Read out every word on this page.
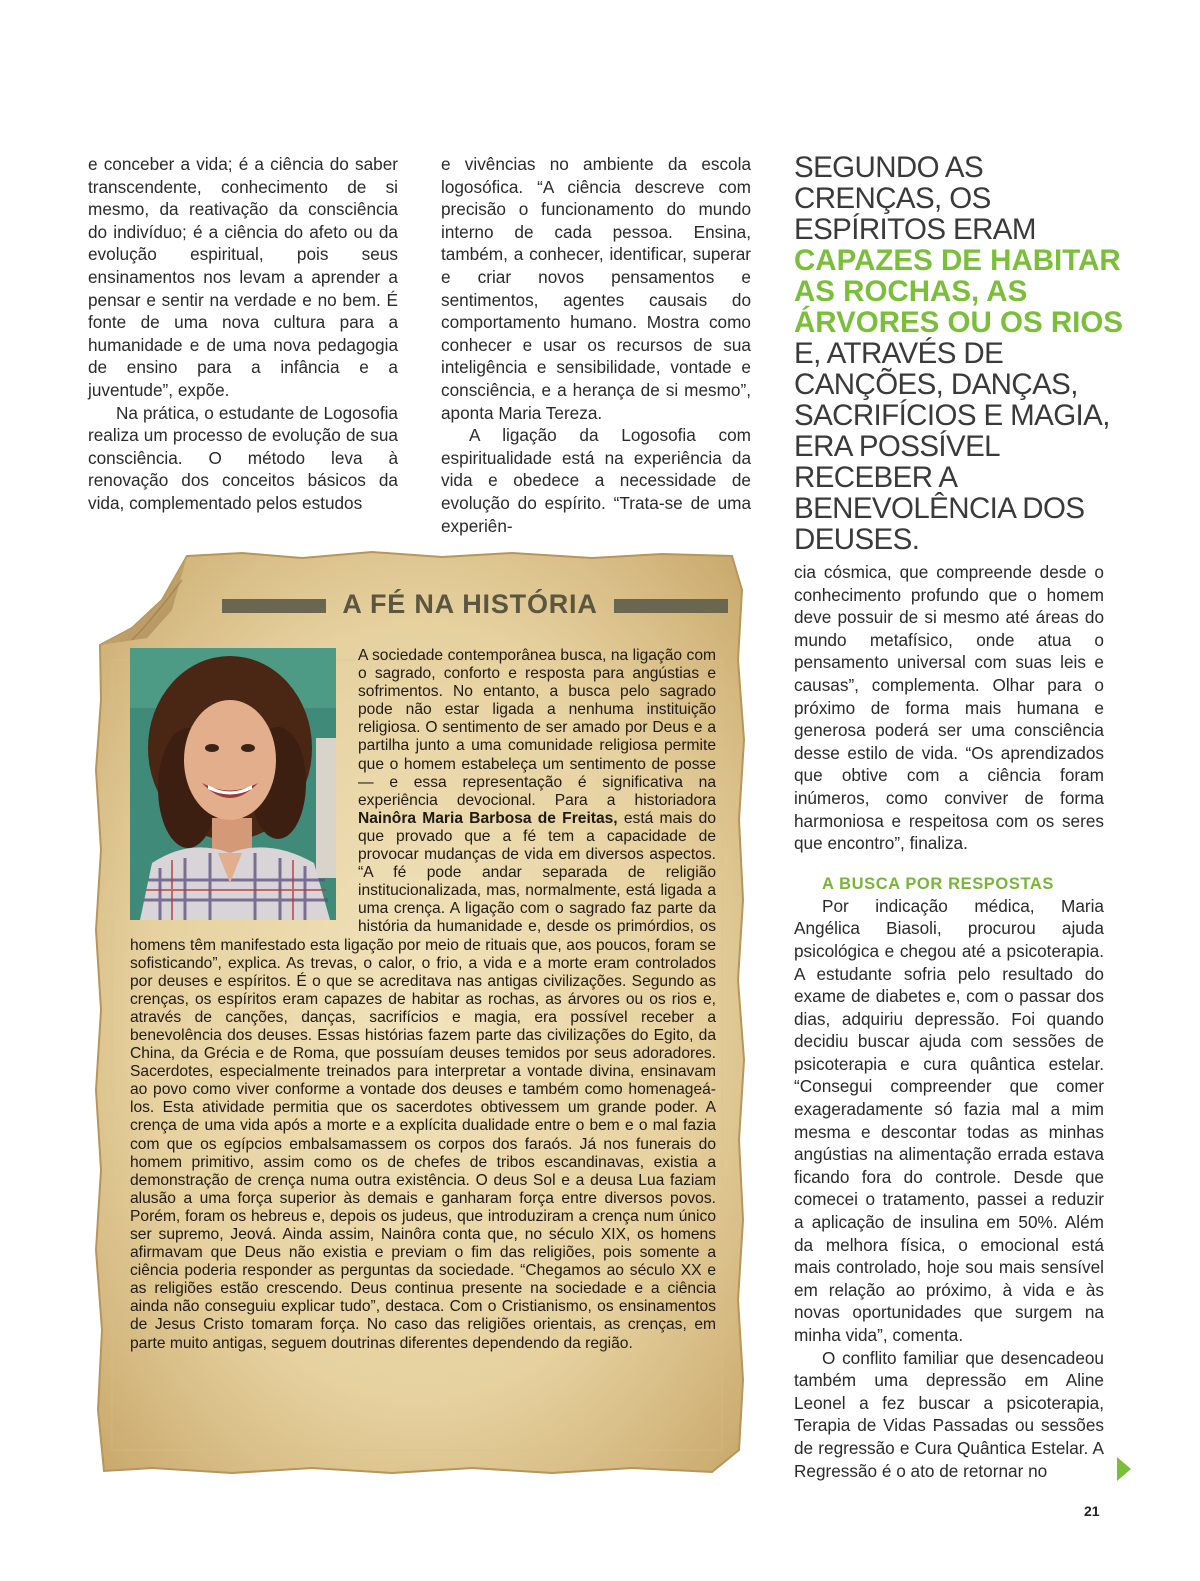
e conceber a vida; é a ciência do saber transcendente, conhecimento de si mesmo, da reativação da consciência do indivíduo; é a ciência do afeto ou da evolução espiritual, pois seus ensinamentos nos levam a aprender a pensar e sentir na verdade e no bem. É fonte de uma nova cultura para a humanidade e de uma nova pedagogia de ensino para a infância e a juventude”, expõe.

Na prática, o estudante de Logosofia realiza um processo de evolução de sua consciência. O método leva à renovação dos conceitos básicos da vida, complementado pelos estudos

e vivências no ambiente da escola logosófica. “A ciência descreve com precisão o funcionamento do mundo interno de cada pessoa. Ensina, também, a conhecer, identificar, superar e criar novos pensamentos e sentimentos, agentes causais do comportamento humano. Mostra como conhecer e usar os recursos de sua inteligência e sensibilidade, vontade e consciência, e a herança de si mesmo”, aponta Maria Tereza.

A ligação da Logosofia com espiritualidade está na experiência da vida e obedece a necessidade de evolução do espírito. “Trata-se de uma experiên-

SEGUNDO AS CRENÇAS, OS ESPÍRITOS ERAM CAPAZES DE HABITAR AS ROCHAS, AS ÁRVORES OU OS RIOS E, ATRAVÉS DE CANÇÕES, DANÇAS, SACRIFÍCIOS E MAGIA, ERA POSSÍVEL RECEBER A BENEVOLÊNCIA DOS DEUSES.
A FÉ NA HISTÓRIA
A sociedade contemporânea busca, na ligação com o sagrado, conforto e resposta para angústias e sofrimentos. No entanto, a busca pelo sagrado pode não estar ligada a nenhuma instituição religiosa. O sentimento de ser amado por Deus e a partilha junto a uma comunidade religiosa permite que o homem estabeleça um sentimento de posse — e essa representação é significativa na experiência devocional. Para a historiadora Nainôra Maria Barbosa de Freitas, está mais do que provado que a fé tem a capacidade de provocar mudanças de vida em diversos aspectos. “A fé pode andar separada de religião institucionalizada, mas, normalmente, está ligada a uma crença. A ligação com o sagrado faz parte da história da humanidade e, desde os primórdios, os homens têm manifestado esta ligação por meio de rituais que, aos poucos, foram se sofisticando”, explica. As trevas, o calor, o frio, a vida e a morte eram controlados por deuses e espíritos. É o que se acreditava nas antigas civilizações. Segundo as crenças, os espíritos eram capazes de habitar as rochas, as árvores ou os rios e, através de canções, danças, sacrifícios e magia, era possível receber a benevolência dos deuses. Essas histórias fazem parte das civilizações do Egito, da China, da Grécia e de Roma, que possuíam deuses temidos por seus adoradores. Sacerdotes, especialmente treinados para interpretar a vontade divina, ensinavam ao povo como viver conforme a vontade dos deuses e também como homenageá-los. Esta atividade permitia que os sacerdotes obtivessem um grande poder. A crença de uma vida após a morte e a explícita dualidade entre o bem e o mal fazia com que os egípcios embalsamassem os corpos dos faraós. Já nos funerais do homem primitivo, assim como os de chefes de tribos escandinavas, existia a demonstração de crença numa outra existência. O deus Sol e a deusa Lua faziam alusão a uma força superior às demais e ganharam força entre diversos povos. Porém, foram os hebreus e, depois os judeus, que introduziram a crença num único ser supremo, Jeová. Ainda assim, Nainôra conta que, no século XIX, os homens afirmavam que Deus não existia e previam o fim das religiões, pois somente a ciência poderia responder as perguntas da sociedade. “Chegamos ao século XX e as religiões estão crescendo. Deus continua presente na sociedade e a ciência ainda não conseguiu explicar tudo”, destaca. Com o Cristianismo, os ensinamentos de Jesus Cristo tomaram força. No caso das religiões orientais, as crenças, em parte muito antigas, seguem doutrinas diferentes dependendo da região.

cia cósmica, que compreende desde o conhecimento profundo que o homem deve possuir de si mesmo até áreas do mundo metafísico, onde atua o pensamento universal com suas leis e causas”, complementa. Olhar para o próximo de forma mais humana e generosa poderá ser uma consciência desse estilo de vida. “Os aprendizados que obtive com a ciência foram inúmeros, como conviver de forma harmoniosa e respeitosa com os seres que encontro”, finaliza.

A BUSCA POR RESPOSTAS

Por indicação médica, Maria Angélica Biasoli, procurou ajuda psicológica e chegou até a psicoterapia. A estudante sofria pelo resultado do exame de diabetes e, com o passar dos dias, adquiriu depressão. Foi quando decidiu buscar ajuda com sessões de psicoterapia e cura quântica estelar. “Consegui compreender que comer exageradamente só fazia mal a mim mesma e descontar todas as minhas angústias na alimentação errada estava ficando fora do controle. Desde que comecei o tratamento, passei a reduzir a aplicação de insulina em 50%. Além da melhora física, o emocional está mais controlado, hoje sou mais sensível em relação ao próximo, à vida e às novas oportunidades que surgem na minha vida”, comenta.

O conflito familiar que desencadeou também uma depressão em Aline Leonel a fez buscar a psicoterapia, Terapia de Vidas Passadas ou sessões de regressão e Cura Quântica Estelar. A Regressão é o ato de retornar no

21
